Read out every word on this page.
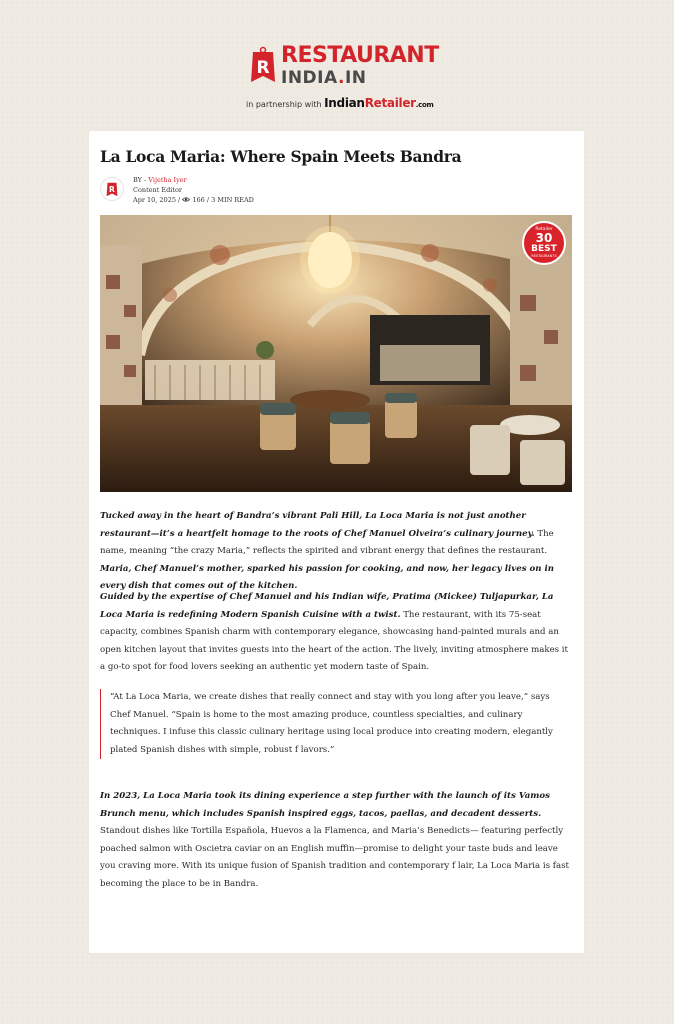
R RESTAURANT
INDIA.IN
in partnership with IndianRetailer.com
La Loca Maria: Where Spain Meets Bandra
R
BY - Vijetha Iyer
Content Editor
Apr 10, 2025 /  166 / 3 MIN READ
Retailer
30
BEST
RESTAURANTS

Tucked away in the heart of Bandra’s vibrant Pali Hill, La Loca Maria is not just another restaurant—it’s a heartfelt homage to the roots of Chef Manuel Olveira’s culinary journey. The name, meaning “the crazy Maria,” reflects the spirited and vibrant energy that defines the restaurant. Maria, Chef Manuel’s mother, sparked his passion for cooking, and now, her legacy lives on in every dish that comes out of the kitchen.

Guided by the expertise of Chef Manuel and his Indian wife, Pratima (Mickee) Tuljapurkar, La Loca Maria is redefining Modern Spanish Cuisine with a twist. The restaurant, with its 75-seat capacity, combines Spanish charm with contemporary elegance, showcasing hand-painted murals and an open kitchen layout that invites guests into the heart of the action. The lively, inviting atmosphere makes it a go-to spot for food lovers seeking an authentic yet modern taste of Spain.

“At La Loca Maria, we create dishes that really connect and stay with you long after you leave,” says Chef Manuel. “Spain is home to the most amazing produce, countless specialties, and culinary techniques. I infuse this classic culinary heritage using local produce into creating modern, elegantly plated Spanish dishes with simple, robust f lavors.”

In 2023, La Loca Maria took its dining experience a step further with the launch of its Vamos Brunch menu, which includes Spanish inspired eggs, tacos, paellas, and decadent desserts. Standout dishes like Tortilla Española, Huevos a la Flamenca, and Maria’s Benedicts— featuring perfectly poached salmon with Oscietra caviar on an English muffin—promise to delight your taste buds and leave you craving more. With its unique fusion of Spanish tradition and contemporary f lair, La Loca Maria is fast becoming the place to be in Bandra.
